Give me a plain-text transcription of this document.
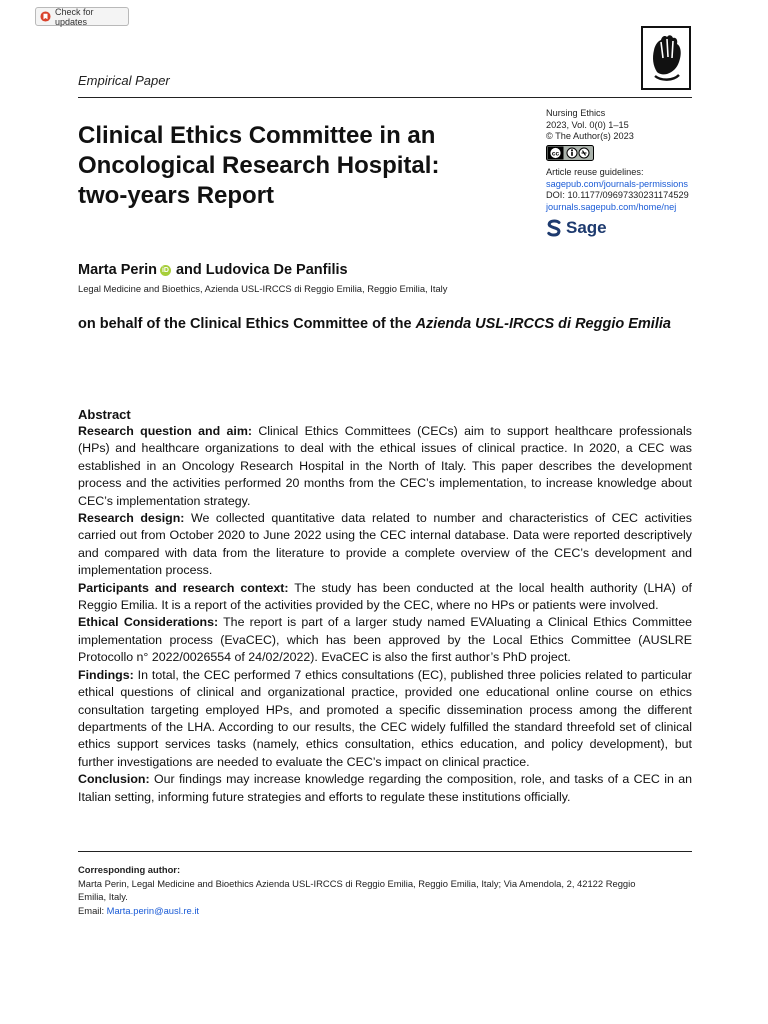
Check for updates
Empirical Paper
Clinical Ethics Committee in an
Oncological Research Hospital:
two-years Report
Nursing Ethics
2023, Vol. 0(0) 1–15
© The Author(s) 2023
cc
Article reuse guidelines:
sagepub.com/journals-permissions
DOI: 10.1177/09697330231174529
journals.sagepub.com/home/nej
Sage
Marta Perin iD and Ludovica De Panfilis
Legal Medicine and Bioethics, Azienda USL-IRCCS di Reggio Emilia, Reggio Emilia, Italy
on behalf of the Clinical Ethics Committee of the Azienda USL-IRCCS di Reggio Emilia
Abstract

Research question and aim: Clinical Ethics Committees (CECs) aim to support healthcare professionals (HPs) and healthcare organizations to deal with the ethical issues of clinical practice. In 2020, a CEC was established in an Oncology Research Hospital in the North of Italy. This paper describes the development process and the activities performed 20 months from the CEC’s implementation, to increase knowledge about CEC’s implementation strategy.

Research design: We collected quantitative data related to number and characteristics of CEC activities carried out from October 2020 to June 2022 using the CEC internal database. Data were reported descriptively and compared with data from the literature to provide a complete overview of the CEC’s development and implementation process.

Participants and research context: The study has been conducted at the local health authority (LHA) of Reggio Emilia. It is a report of the activities provided by the CEC, where no HPs or patients were involved.

Ethical Considerations: The report is part of a larger study named EVAluating a Clinical Ethics Committee implementation process (EvaCEC), which has been approved by the Local Ethics Committee (AUSLRE Protocollo n° 2022/0026554 of 24/02/2022). EvaCEC is also the first author’s PhD project.

Findings: In total, the CEC performed 7 ethics consultations (EC), published three policies related to particular ethical questions of clinical and organizational practice, provided one educational online course on ethics consultation targeting employed HPs, and promoted a specific dissemination process among the different departments of the LHA. According to our results, the CEC widely fulfilled the standard threefold set of clinical ethics support services tasks (namely, ethics consultation, ethics education, and policy development), but further investigations are needed to evaluate the CEC’s impact on clinical practice.

Conclusion: Our findings may increase knowledge regarding the composition, role, and tasks of a CEC in an Italian setting, informing future strategies and efforts to regulate these institutions officially.

Corresponding author:
Marta Perin, Legal Medicine and Bioethics Azienda USL-IRCCS di Reggio Emilia, Reggio Emilia, Italy; Via Amendola, 2, 42122 Reggio
Emilia, Italy.
Email: Marta.perin@ausl.re.it
